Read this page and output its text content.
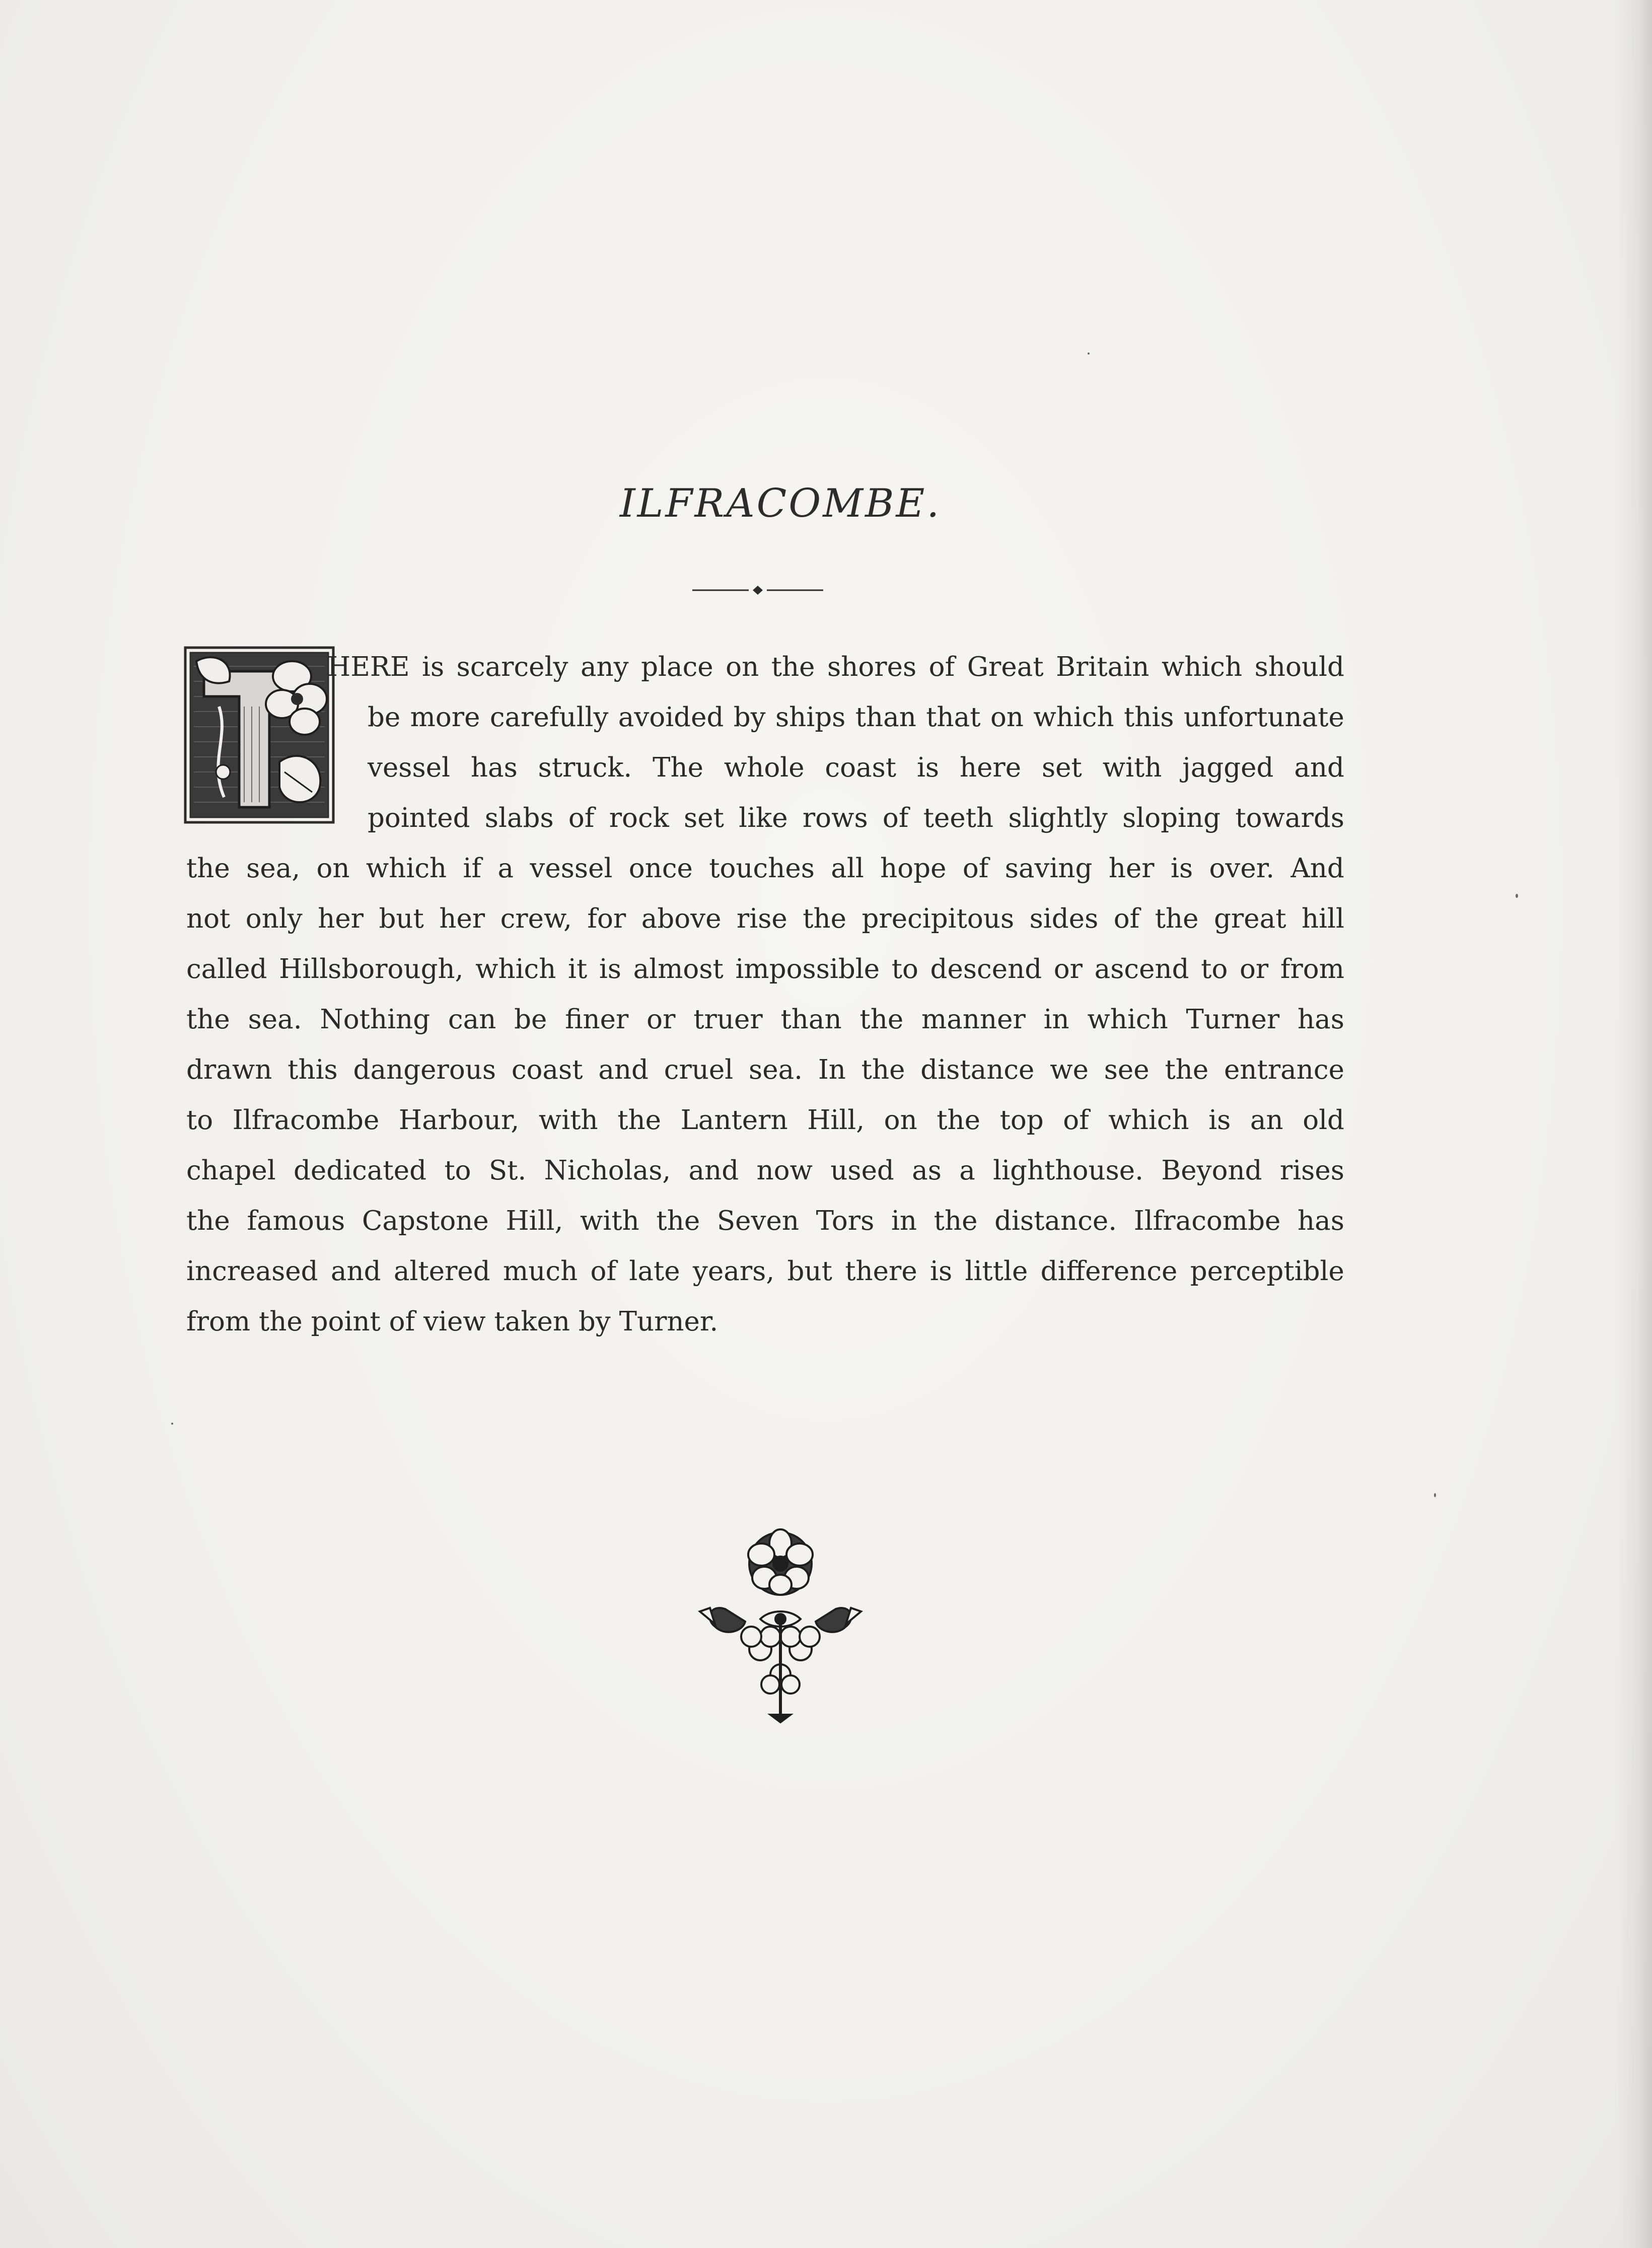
ILFRACOMBE.
HERE is scarcely any place on the shores of Great Britain which should
be more carefully avoided by ships than that on which this unfortunate
vessel has struck. The whole coast is here set with jagged and
pointed slabs of rock set like rows of teeth slightly sloping towards
the sea, on which if a vessel once touches all hope of saving her is over. And
not only her but her crew, for above rise the precipitous sides of the great hill
called Hillsborough, which it is almost impossible to descend or ascend to or from
the sea. Nothing can be finer or truer than the manner in which Turner has
drawn this dangerous coast and cruel sea. In the distance we see the entrance
to Ilfracombe Harbour, with the Lantern Hill, on the top of which is an old
chapel dedicated to St. Nicholas, and now used as a lighthouse. Beyond rises
the famous Capstone Hill, with the Seven Tors in the distance. Ilfracombe has
increased and altered much of late years, but there is little difference perceptible
from the point of view taken by Turner.
